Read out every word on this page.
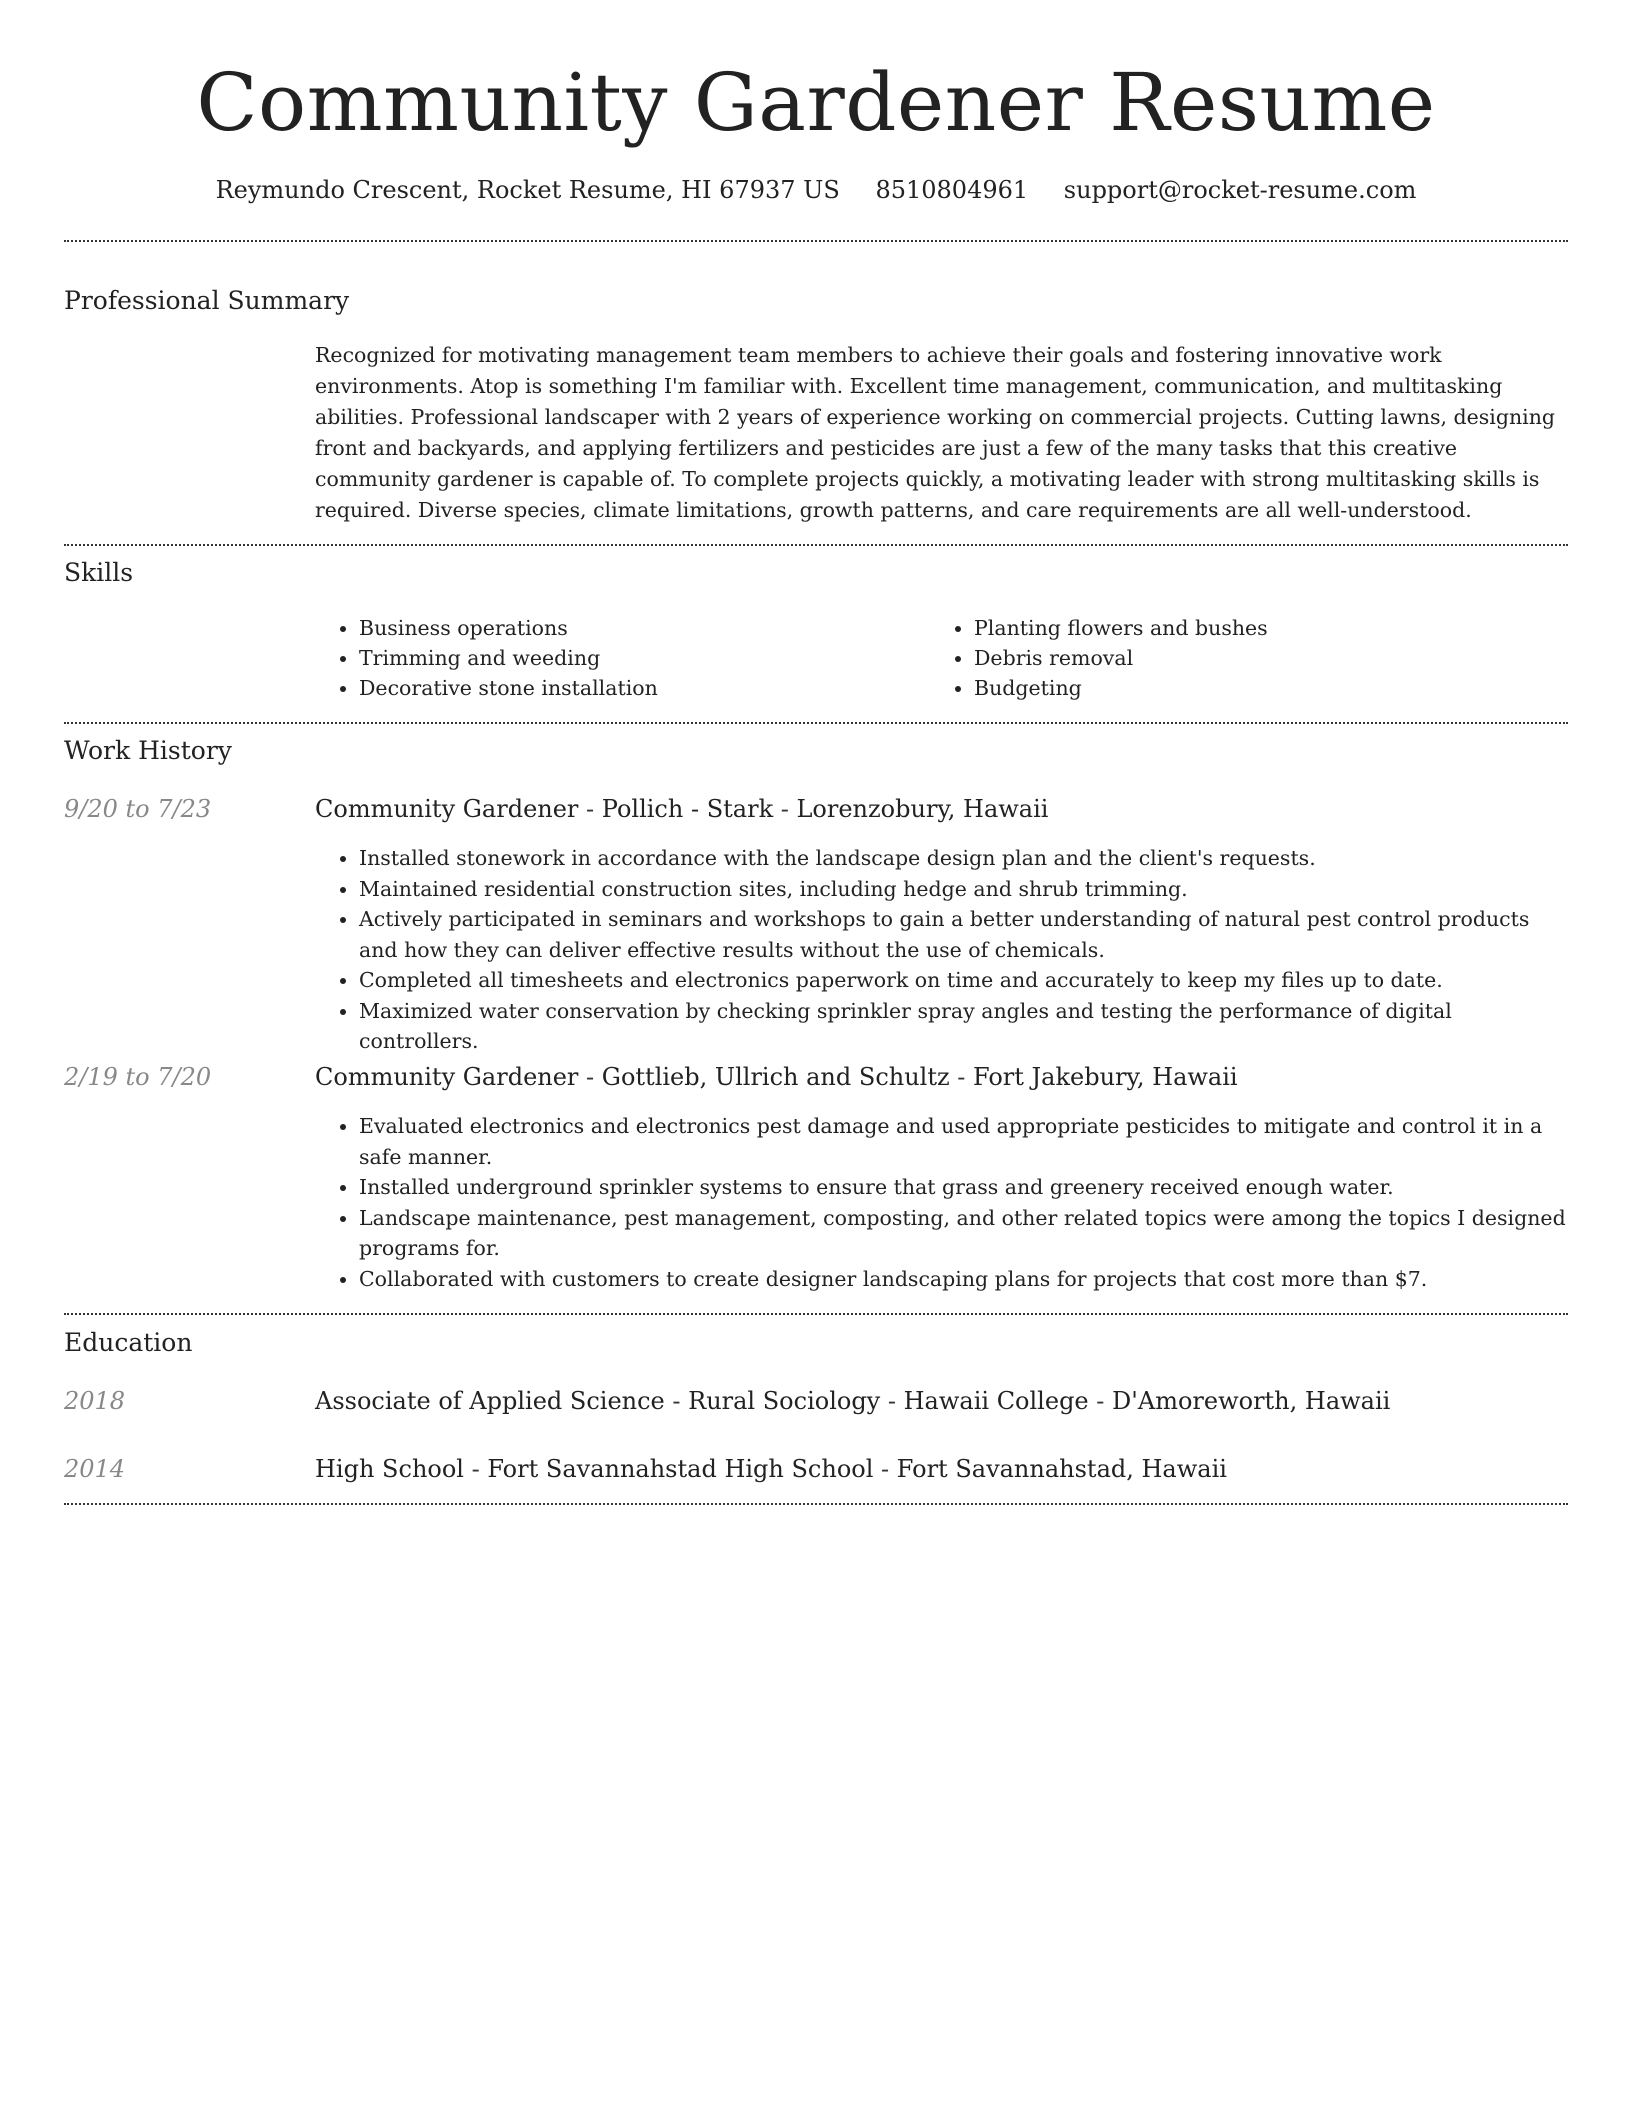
Community Gardener Resume
Reymundo Crescent, Rocket Resume, HI 67937 US 8510804961 support@rocket-resume.com
Professional Summary
Recognized for motivating management team members to achieve their goals and fostering innovative work environments. Atop is something I'm familiar with. Excellent time management, communication, and multitasking abilities. Professional landscaper with 2 years of experience working on commercial projects. Cutting lawns, designing front and backyards, and applying fertilizers and pesticides are just a few of the many tasks that this creative community gardener is capable of. To complete projects quickly, a motivating leader with strong multitasking skills is required. Diverse species, climate limitations, growth patterns, and care requirements are all well-understood.
Skills
• Business operations
• Trimming and weeding
• Decorative stone installation
• Planting flowers and bushes
• Debris removal
• Budgeting
Work History
9/20 to 7/23	Community Gardener - Pollich - Stark - Lorenzobury, Hawaii
• Installed stonework in accordance with the landscape design plan and the client's requests.
• Maintained residential construction sites, including hedge and shrub trimming.
• Actively participated in seminars and workshops to gain a better understanding of natural pest control products and how they can deliver effective results without the use of chemicals.
• Completed all timesheets and electronics paperwork on time and accurately to keep my files up to date.
• Maximized water conservation by checking sprinkler spray angles and testing the performance of digital controllers.
2/19 to 7/20	Community Gardener - Gottlieb, Ullrich and Schultz - Fort Jakebury, Hawaii
• Evaluated electronics and electronics pest damage and used appropriate pesticides to mitigate and control it in a safe manner.
• Installed underground sprinkler systems to ensure that grass and greenery received enough water.
• Landscape maintenance, pest management, composting, and other related topics were among the topics I designed programs for.
• Collaborated with customers to create designer landscaping plans for projects that cost more than $7.
Education
2018	Associate of Applied Science - Rural Sociology - Hawaii College - D'Amoreworth, Hawaii
2014	High School - Fort Savannahstad High School - Fort Savannahstad, Hawaii
